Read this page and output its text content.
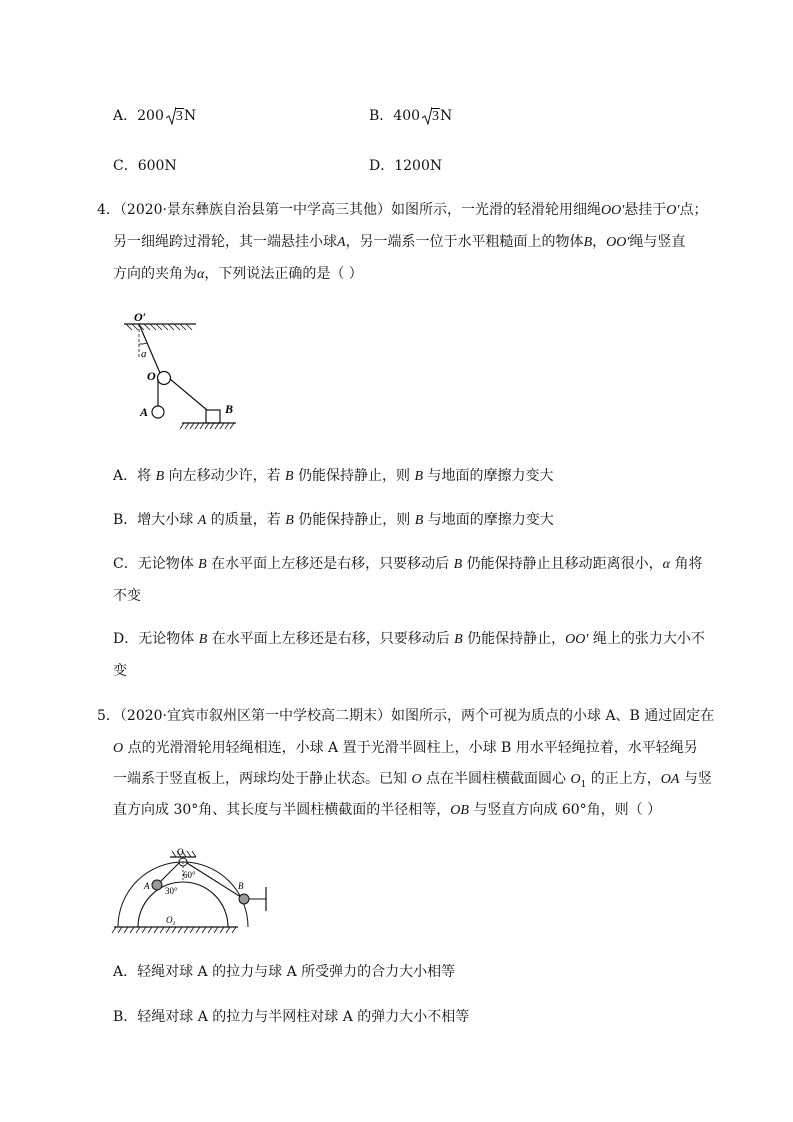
A．200 3N	B．400 3N
C．600N	D．1200N
4．（2020·景东彝族自治县第一中学高三其他）如图所示，一光滑的轻滑轮用细绳OO′悬挂于O′点；
另一细绳跨过滑轮，其一端悬挂小球A，另一端系一位于水平粗糙面上的物体B，OO′绳与竖直
方向的夹角为α，下列说法正确的是（ ）
O′
a
O
A	B
A．将 B 向左移动少许，若 B 仍能保持静止，则 B 与地面的摩擦力变大
B．增大小球 A 的质量，若 B 仍能保持静止，则 B 与地面的摩擦力变大
C．无论物体 B 在水平面上左移还是右移，只要移动后 B 仍能保持静止且移动距离很小，α 角将
不变
D．无论物体 B 在水平面上左移还是右移，只要移动后 B 仍能保持静止，OO′ 绳上的张力大小不
变
5．（2020·宜宾市叙州区第一中学校高二期末）如图所示，两个可视为质点的小球 A、B 通过固定在
O 点的光滑滑轮用轻绳相连，小球 A 置于光滑半圆柱上，小球 B 用水平轻绳拉着，水平轻绳另
一端系于竖直板上，两球均处于静止状态。已知 O 点在半圆柱横截面圆心 $O_1$ 的正上方，OA 与竖
直方向成 30°角、其长度与半圆柱横截面的半径相等，OB 与竖直方向成 60°角，则（ ）
O
A 30°
60°
B
$O_1$
A．轻绳对球 A 的拉力与球 A 所受弹力的合力大小相等
B．轻绳对球 A 的拉力与半网柱对球 A 的弹力大小不相等
